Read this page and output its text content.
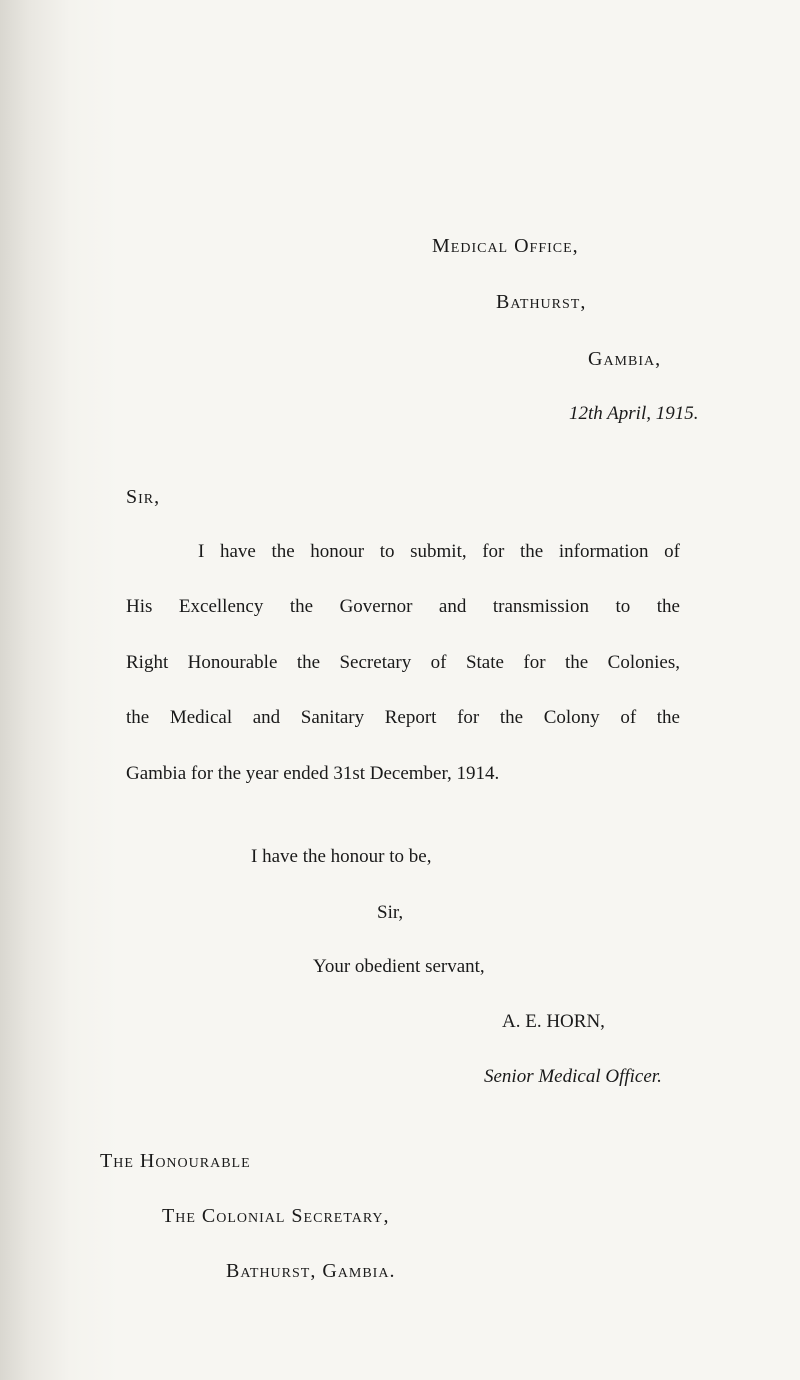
Medical Office,
Bathurst,
Gambia,
12th April, 1915.
Sir,
I have the honour to submit, for the information of
His Excellency the Governor and transmission to the
Right Honourable the Secretary of State for the Colonies,
the Medical and Sanitary Report for the Colony of the
Gambia for the year ended 31st December, 1914.
I have the honour to be,
Sir,
Your obedient servant,
A. E. HORN,
Senior Medical Officer.
The Honourable
The Colonial Secretary,
Bathurst, Gambia.
